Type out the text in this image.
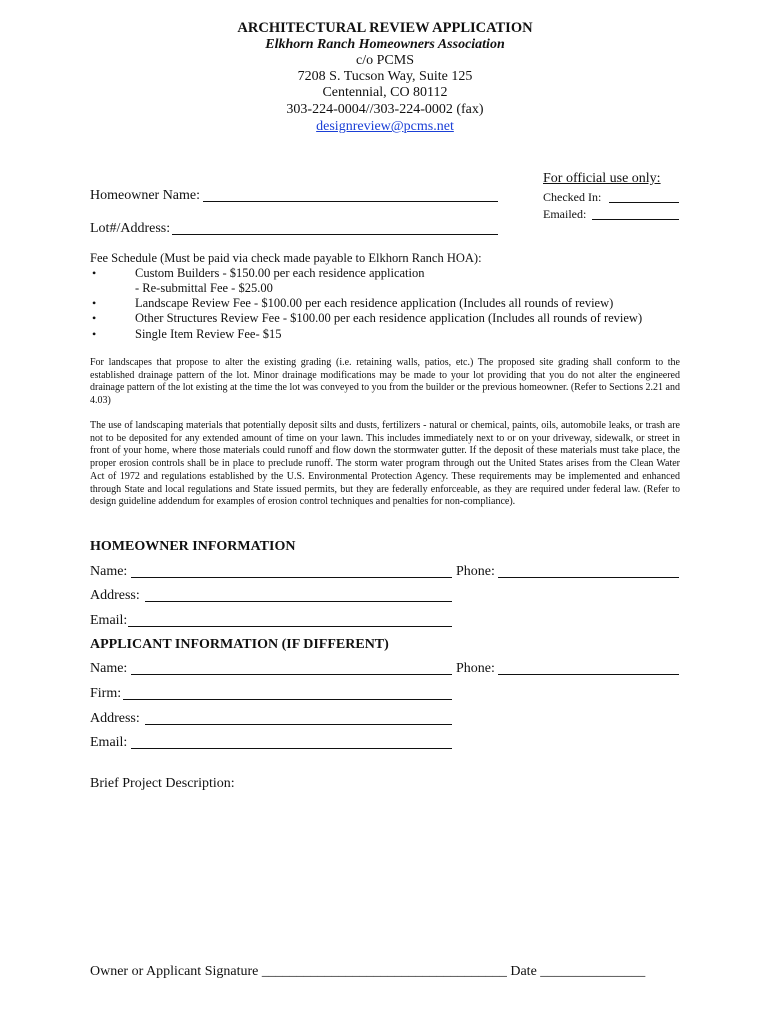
ARCHITECTURAL REVIEW APPLICATION
Elkhorn Ranch Homeowners Association
c/o PCMS
7208 S. Tucson Way, Suite 125
Centennial, CO 80112
303-224-0004//303-224-0002 (fax)
designreview@pcms.net
For official use only:
Checked In:
Emailed:
Homeowner Name:
Lot#/Address:
Fee Schedule (Must be paid via check made payable to Elkhorn Ranch HOA):
•	Custom Builders - $150.00 per each residence application
- Re-submittal Fee - $25.00
•	Landscape Review Fee - $100.00 per each residence application (Includes all rounds of review)
•	Other Structures Review Fee - $100.00 per each residence application (Includes all rounds of review)
•	Single Item Review Fee- $15
For landscapes that propose to alter the existing grading (i.e. retaining walls, patios, etc.) The proposed site grading shall conform to the established drainage pattern of the lot. Minor drainage modifications may be made to your lot providing that you do not alter the engineered drainage pattern of the lot existing at the time the lot was conveyed to you from the builder or the previous homeowner. (Refer to Sections 2.21 and 4.03)
The use of landscaping materials that potentially deposit silts and dusts, fertilizers - natural or chemical, paints, oils, automobile leaks, or trash are not to be deposited for any extended amount of time on your lawn. This includes immediately next to or on your driveway, sidewalk, or street in front of your home, where those materials could runoff and flow down the stormwater gutter. If the deposit of these materials must take place, the proper erosion controls shall be in place to preclude runoff. The storm water program through out the United States arises from the Clean Water Act of 1972 and regulations established by the U.S. Environmental Protection Agency. These requirements may be implemented and enhanced through State and local regulations and State issued permits, but they are federally enforceable, as they are required under federal law. (Refer to design guideline addendum for examples of erosion control techniques and penalties for non-compliance).
HOMEOWNER INFORMATION
Name:	Phone:
Address:
Email:
APPLICANT INFORMATION (IF DIFFERENT)
Name:	Phone:
Firm:
Address:
Email:
Brief Project Description:
Owner or Applicant Signature ___________________________________ Date _______________
